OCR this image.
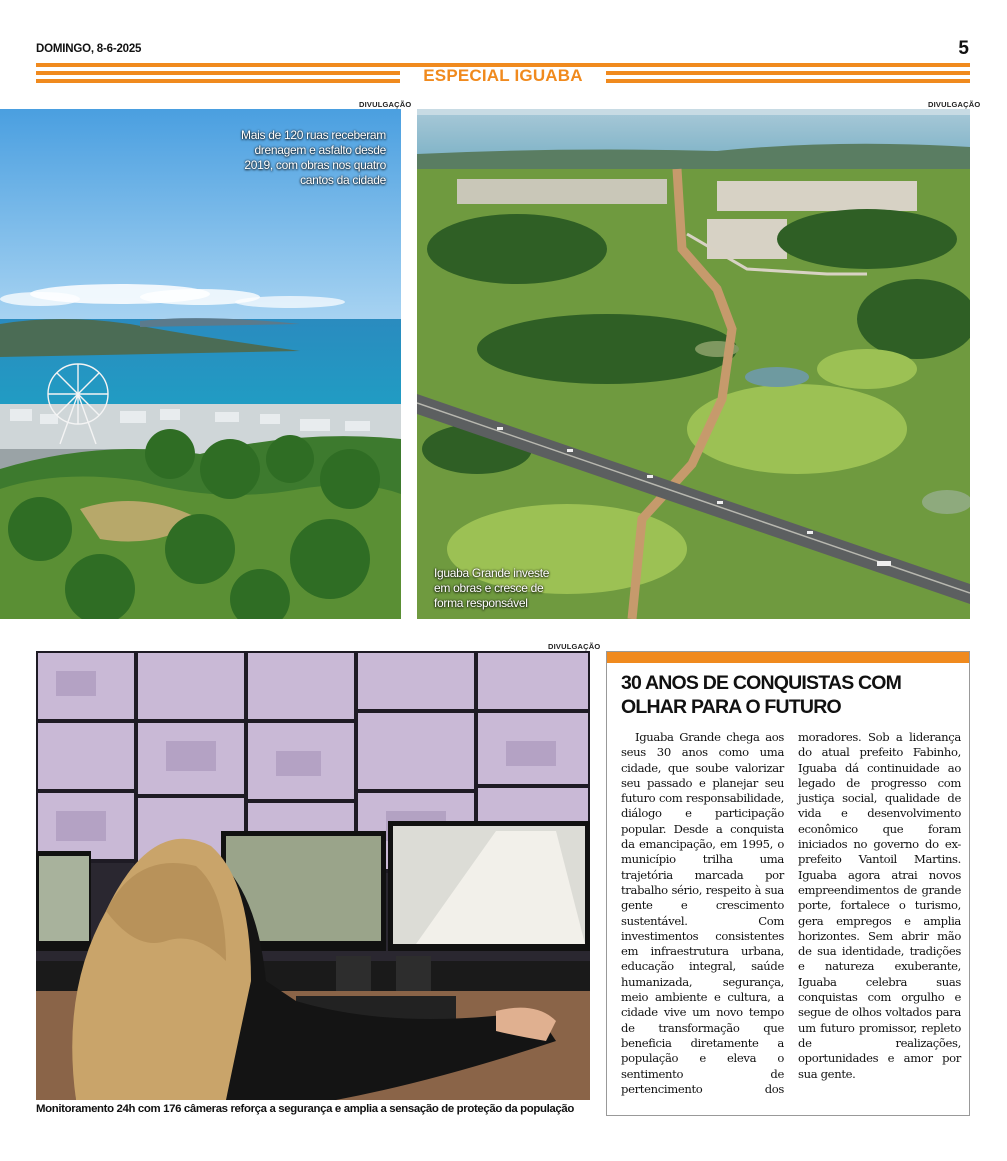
DOMINGO, 8-6-2025	5
ESPECIAL IGUABA
DIVULGAÇÃO
Mais de 120 ruas receberam drenagem e asfalto desde 2019, com obras nos quatro cantos da cidade
DIVULGAÇÃO
Iguaba Grande investe em obras e cresce de forma responsável
DIVULGAÇÃO
Monitoramento 24h com 176 câmeras reforça a segurança e amplia a sensação de proteção da população
30 ANOS DE CONQUISTAS COM OLHAR PARA O FUTURO
Iguaba Grande chega aos seus 30 anos como uma cidade, que soube valorizar seu passado e planejar seu futuro com responsabilidade, diálogo e participação popular. Desde a conquista da emancipação, em 1995, o município trilha uma trajetória marcada por trabalho sério, respeito à sua gente e crescimento sustentável. Com investimentos consistentes em infraestrutura urbana, educação integral, saúde humanizada, segurança, meio ambiente e cultura, a cidade vive um novo tempo de transformação que beneficia diretamente a população e eleva o sentimento de pertencimento dos moradores. Sob a liderança do atual prefeito Fabinho, Iguaba dá continuidade ao legado de progresso com justiça social, qualidade de vida e desenvolvimento econômico que foram iniciados no governo do ex-prefeito Vantoil Martins. Iguaba agora atrai novos empreendimentos de grande porte, fortalece o turismo, gera empregos e amplia horizontes. Sem abrir mão de sua identidade, tradições e natureza exuberante, Iguaba celebra suas conquistas com orgulho e segue de olhos voltados para um futuro promissor, repleto de realizações, oportunidades e amor por sua gente.
